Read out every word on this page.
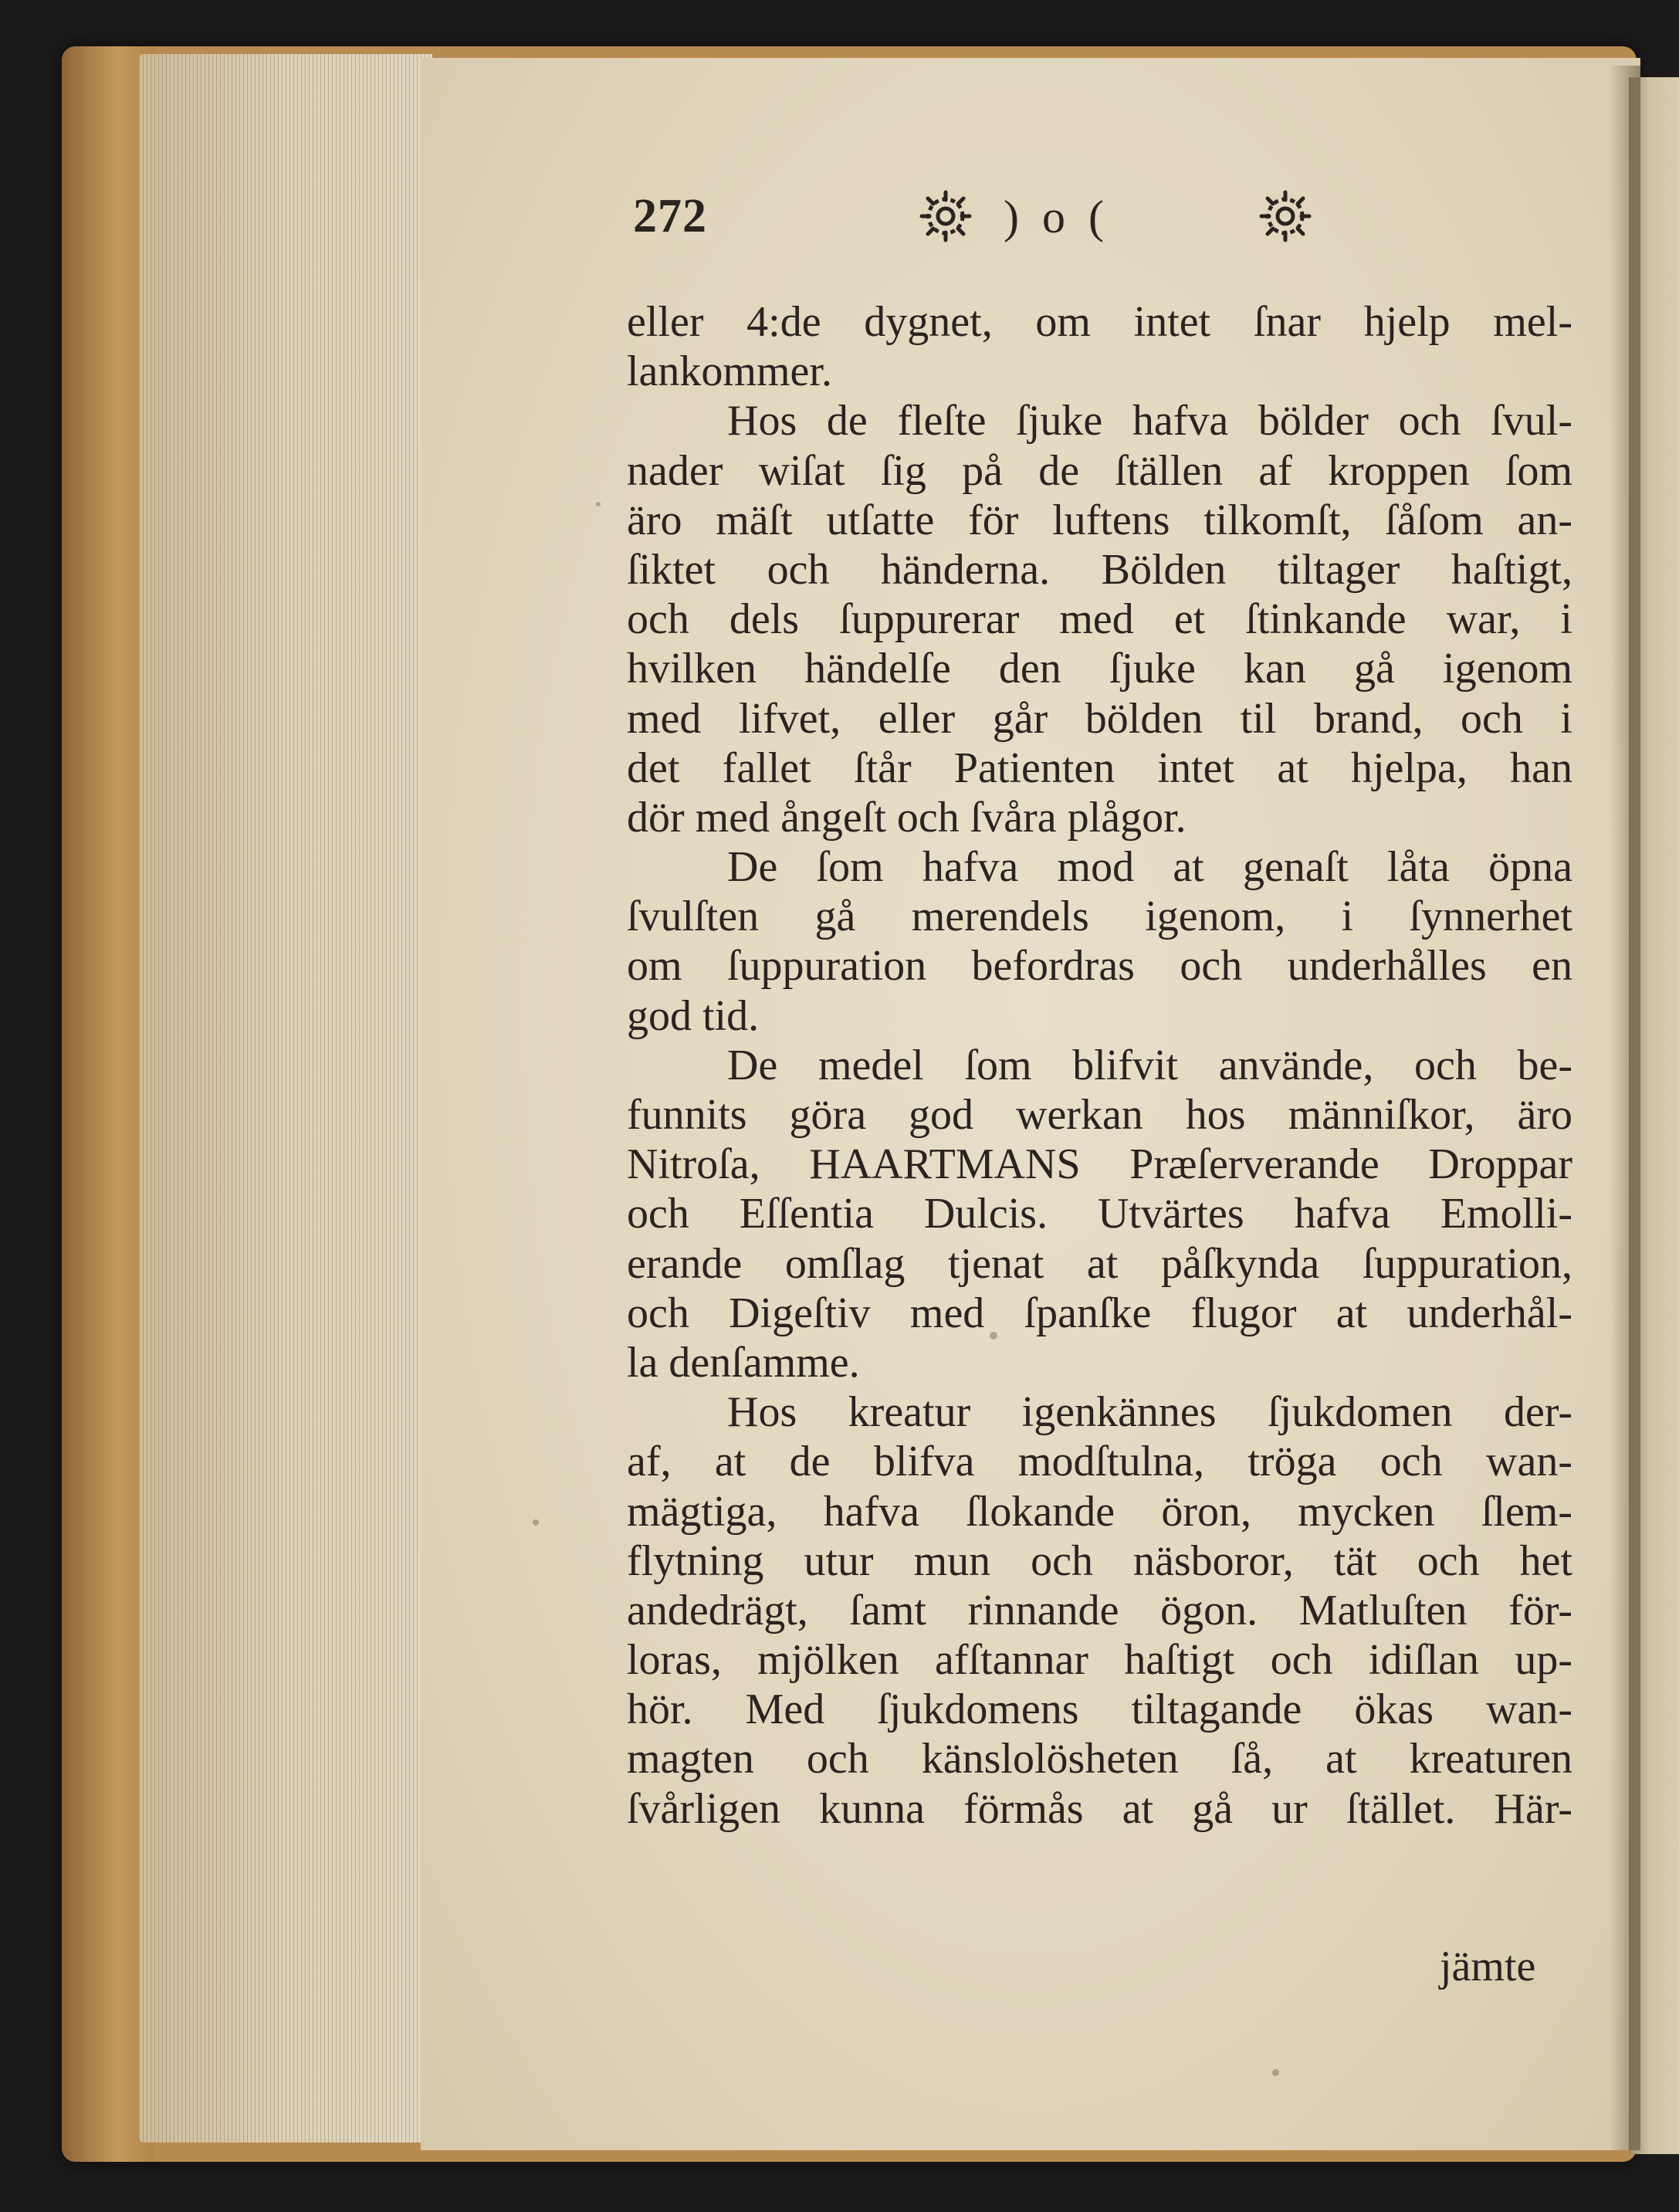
272	)o(
eller 4:de dygnet, om intet ſnar hjelp mel-
lankommer.
Hos de fleſte ſjuke hafva bölder och ſvul-
nader wiſat ſig på de ſtällen af kroppen ſom
äro mäſt utſatte för luftens tilkomſt, ſåſom an-
ſiktet och händerna. Bölden tiltager haſtigt,
och dels ſuppurerar med et ſtinkande war, i
hvilken händelſe den ſjuke kan gå igenom
med lifvet, eller går bölden til brand, och i
det fallet ſtår Patienten intet at hjelpa, han
dör med ångeſt och ſvåra plågor.
De ſom hafva mod at genaſt låta öpna
ſvulſten gå merendels igenom, i ſynnerhet
om ſuppuration befordras och underhålles en
god tid.
De medel ſom blifvit använde, och be-
funnits göra god werkan hos männiſkor, äro
Nitroſa, HAARTMANS Præſerverande Droppar
och Eſſentia Dulcis. Utvärtes hafva Emolli-
erande omſlag tjenat at påſkynda ſuppuration,
och Digeſtiv med ſpanſke flugor at underhål-
la denſamme.
Hos kreatur igenkännes ſjukdomen der-
af, at de blifva modſtulna, tröga och wan-
mägtiga, hafva ſlokande öron, mycken ſlem-
flytning utur mun och näsboror, tät och het
andedrägt, ſamt rinnande ögon. Matluſten för-
loras, mjölken afſtannar haſtigt och idiſlan up-
hör. Med ſjukdomens tiltagande ökas wan-
magten och känslolösheten ſå, at kreaturen
ſvårligen kunna förmås at gå ur ſtället. Här-
jämte
